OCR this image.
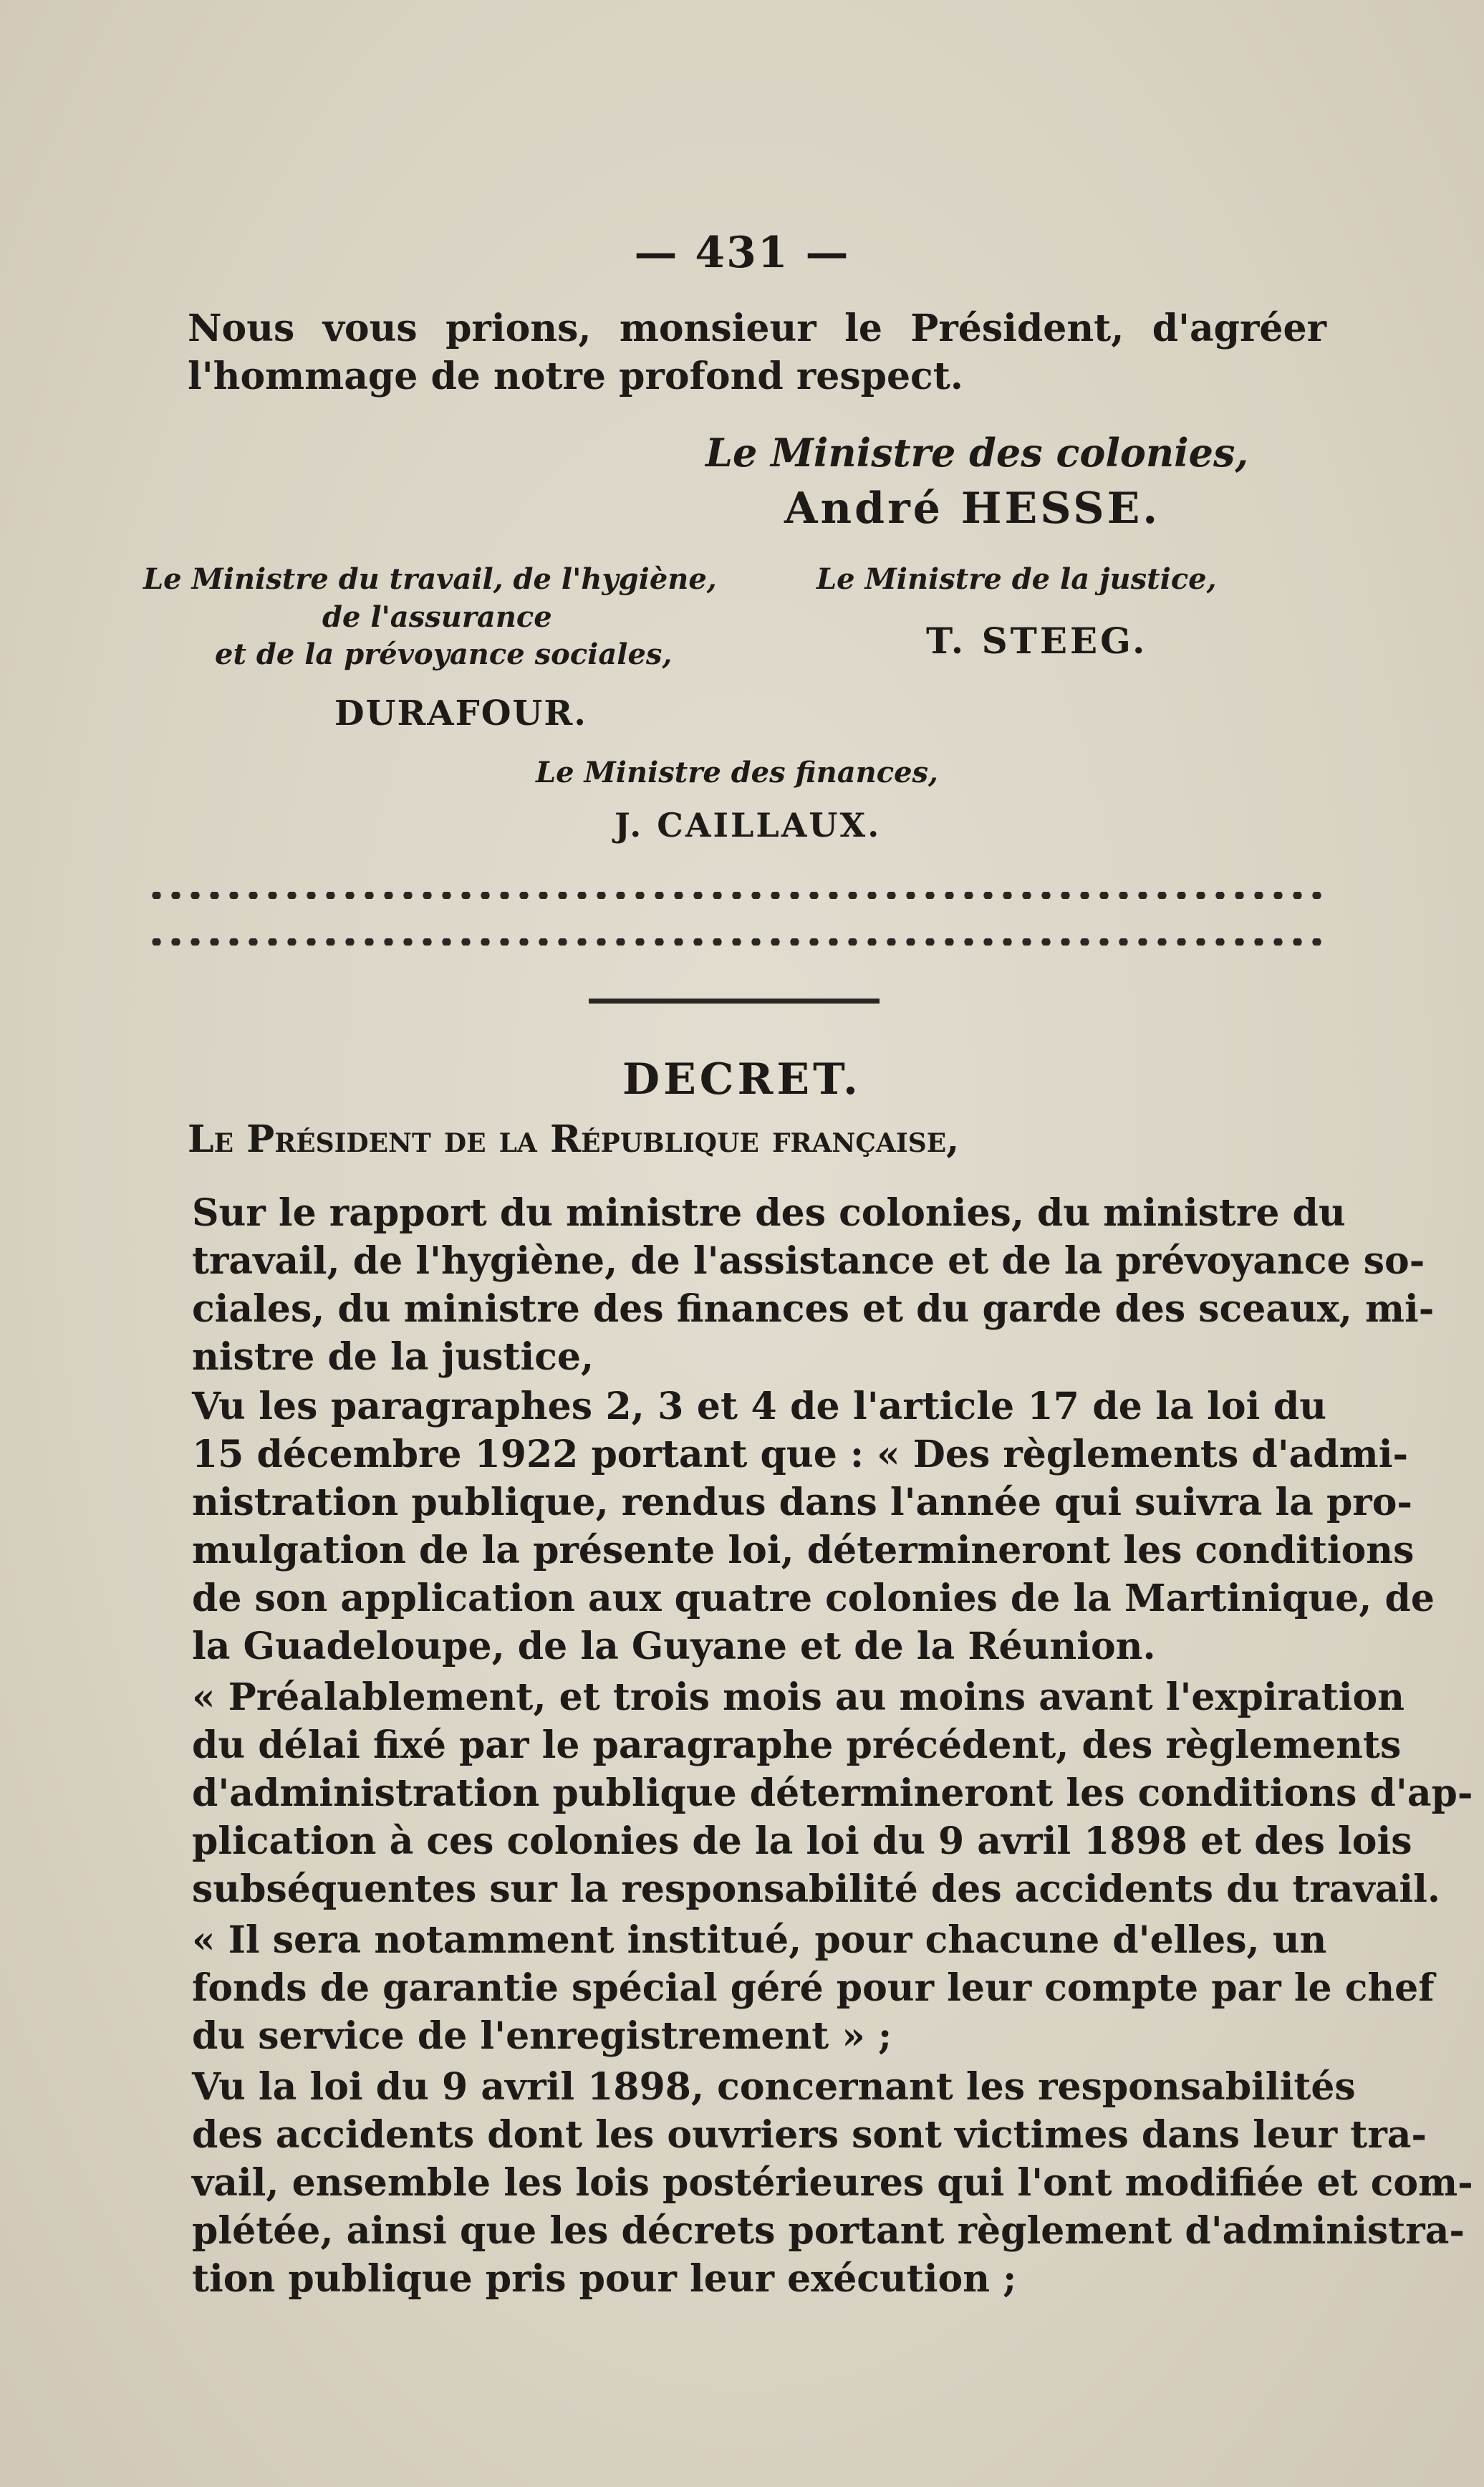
— 431 —
Nous vous prions, monsieur le Président, d'agréer
l'hommage de notre profond respect.
Le Ministre des colonies,
André HESSE.
Le Ministre du travail, de l'hygiène,
de l'assurance
et de la prévoyance sociales,
DURAFOUR.
Le Ministre de la justice,
T. STEEG.
Le Ministre des finances,
J. CAILLAUX.
DECRET.
Le Président de la République française,
Sur le rapport du ministre des colonies, du ministre du
travail, de l'hygiène, de l'assistance et de la prévoyance so-
ciales, du ministre des finances et du garde des sceaux, mi-
nistre de la justice,
Vu les paragraphes 2, 3 et 4 de l'article 17 de la loi du
15 décembre 1922 portant que : « Des règlements d'admi-
nistration publique, rendus dans l'année qui suivra la pro-
mulgation de la présente loi, détermineront les conditions
de son application aux quatre colonies de la Martinique, de
la Guadeloupe, de la Guyane et de la Réunion.
« Préalablement, et trois mois au moins avant l'expiration
du délai fixé par le paragraphe précédent, des règlements
d'administration publique détermineront les conditions d'ap-
plication à ces colonies de la loi du 9 avril 1898 et des lois
subséquentes sur la responsabilité des accidents du travail.
« Il sera notamment institué, pour chacune d'elles, un
fonds de garantie spécial géré pour leur compte par le chef
du service de l'enregistrement » ;
Vu la loi du 9 avril 1898, concernant les responsabilités
des accidents dont les ouvriers sont victimes dans leur tra-
vail, ensemble les lois postérieures qui l'ont modifiée et com-
plétée, ainsi que les décrets portant règlement d'administra-
tion publique pris pour leur exécution ;
